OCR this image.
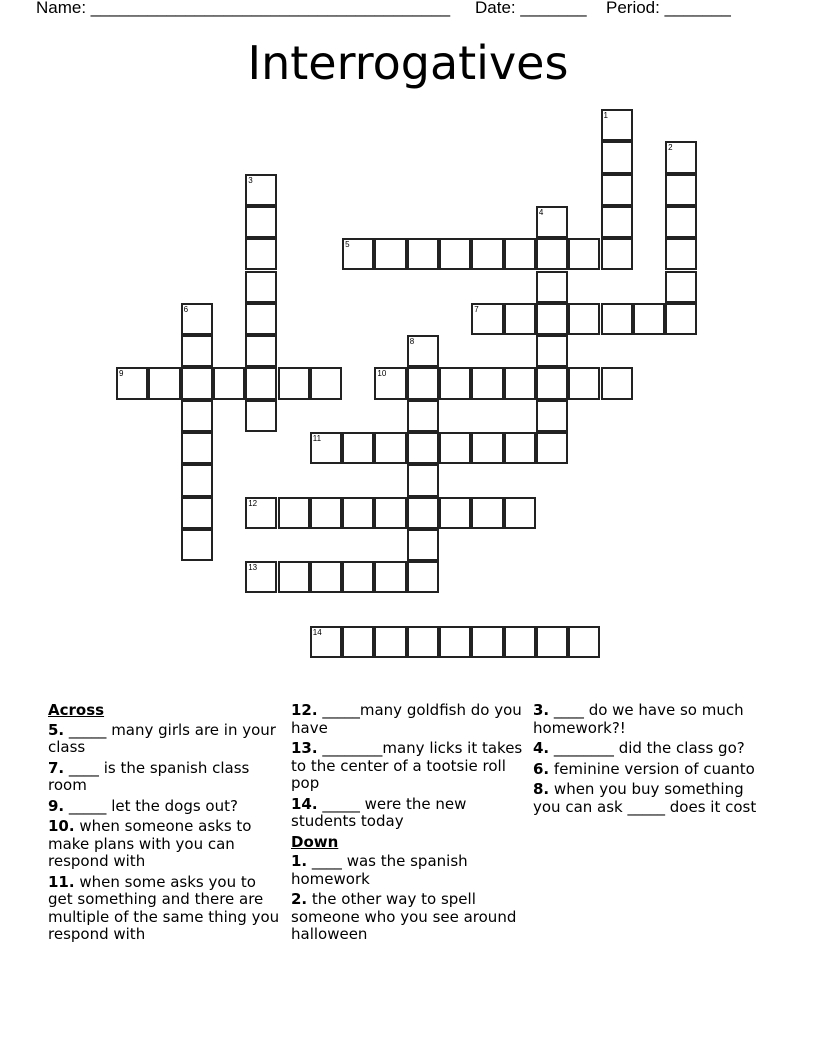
Name: ______________________________________ Date: _______ Period: _______
Interrogatives
1
2
3
4
5
6	7
8
9	10
11
12
13
14
Across
5. _____ many girls are in your class
7. ____ is the spanish class room
9. _____ let the dogs out?
10. when someone asks to make plans with you can respond with
11. when some asks you to get something and there are multiple of the same thing you respond with
12. _____many goldfish do you have
13. ________many licks it takes to the center of a tootsie roll pop
14. _____ were the new students today
Down
1. ____ was the spanish homework
2. the other way to spell someone who you see around halloween
3. ____ do we have so much homework?!
4. ________ did the class go?
6. feminine version of cuanto
8. when you buy something you can ask _____ does it cost
